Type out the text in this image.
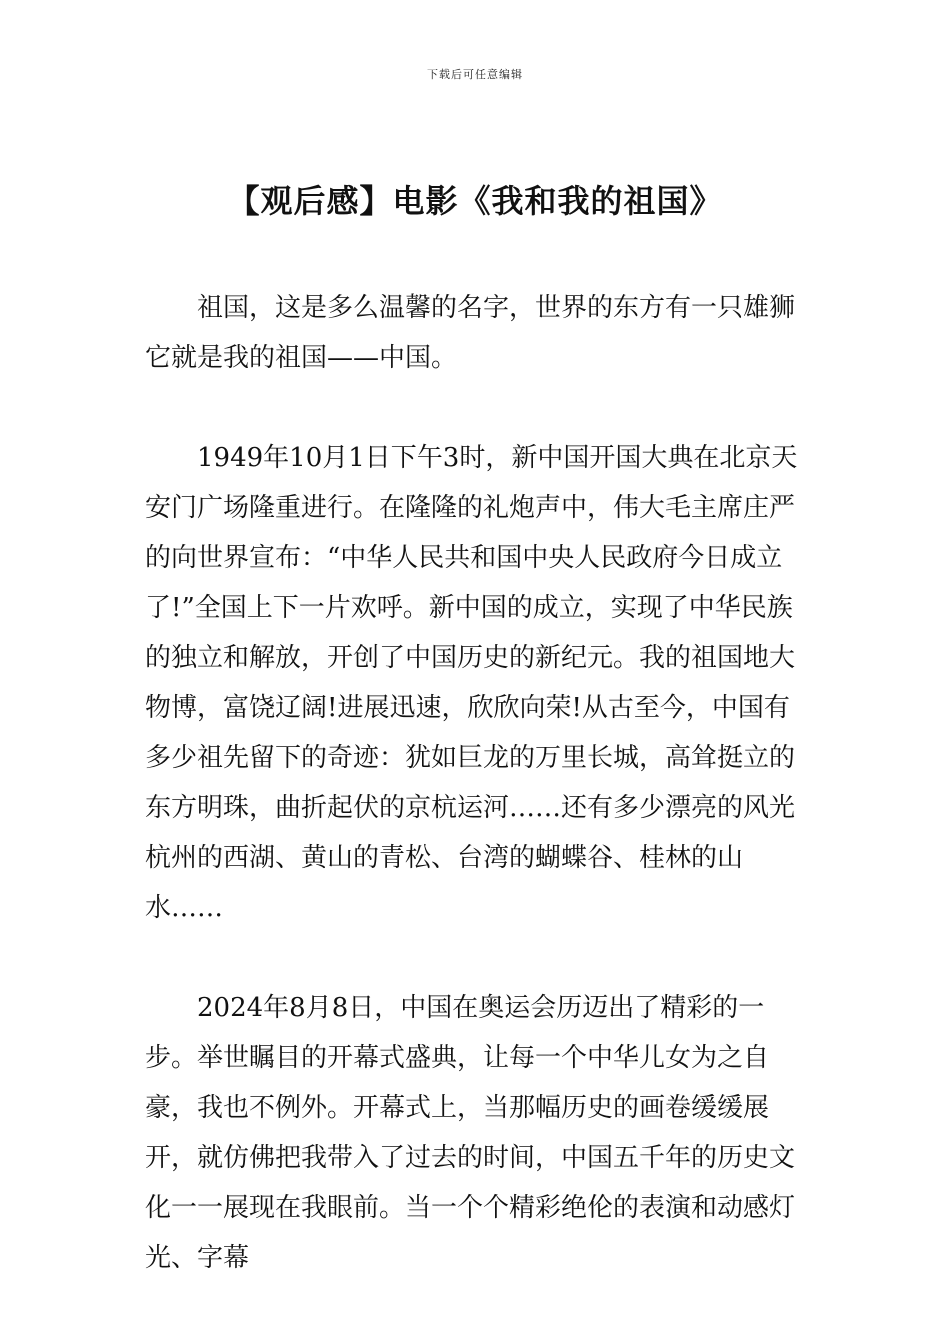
下载后可任意编辑
【观后感】电影《我和我的祖国》

祖国，这是多么温馨的名字，世界的东方有一只雄狮它就是我的祖国——中国。

1949年10月1日下午3时，新中国开国大典在北京天安门广场隆重进行。在隆隆的礼炮声中，伟大毛主席庄严的向世界宣布：“中华人民共和国中央人民政府今日成立了!”全国上下一片欢呼。新中国的成立，实现了中华民族的独立和解放，开创了中国历史的新纪元。我的祖国地大物博，富饶辽阔!进展迅速，欣欣向荣!从古至今，中国有多少祖先留下的奇迹：犹如巨龙的万里长城，高耸挺立的东方明珠，曲折起伏的京杭运河……还有多少漂亮的风光杭州的西湖、黄山的青松、台湾的蝴蝶谷、桂林的山水……

2024年8月8日，中国在奥运会历迈出了精彩的一步。举世瞩目的开幕式盛典，让每一个中华儿女为之自豪，我也不例外。开幕式上，当那幅历史的画卷缓缓展开，就仿佛把我带入了过去的时间，中国五千年的历史文化一一展现在我眼前。当一个个精彩绝伦的表演和动感灯光、字幕
